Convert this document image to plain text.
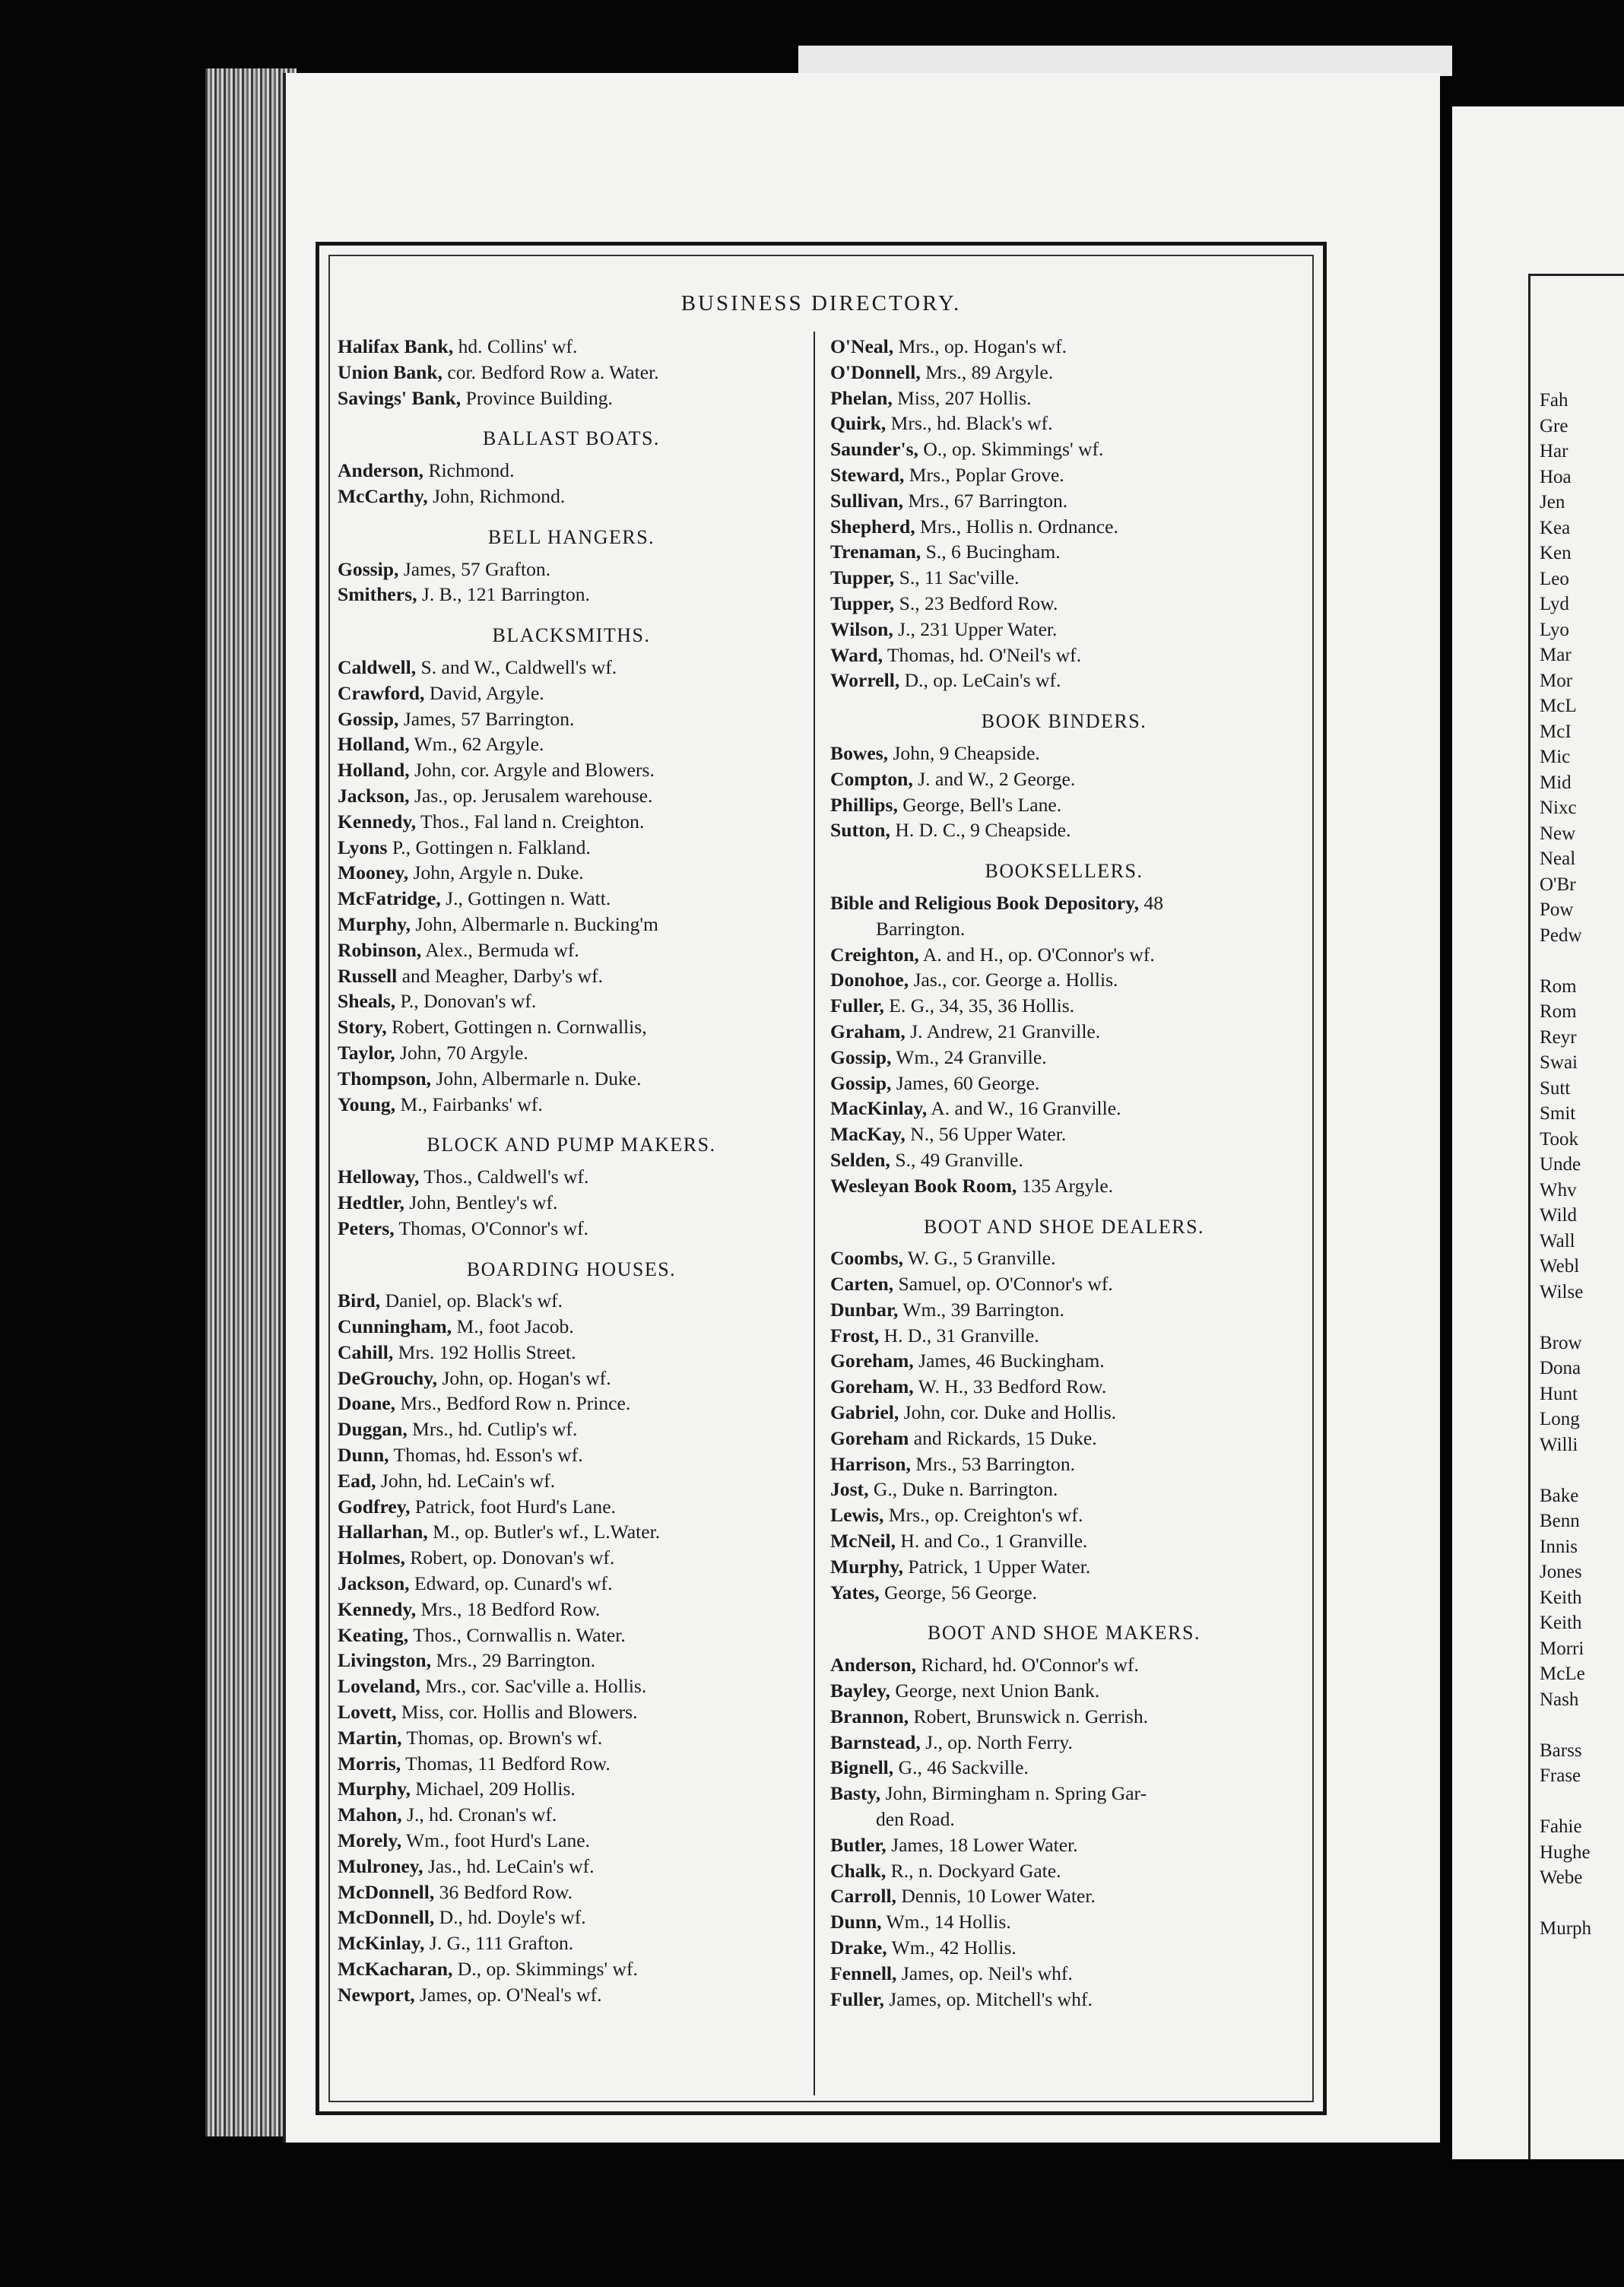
BUSINESS DIRECTORY.
Halifax Bank, hd. Collins' wf.
Union Bank, cor. Bedford Row a. Water.
Savings' Bank, Province Building.
BALLAST BOATS.
Anderson, Richmond.
McCarthy, John, Richmond.
BELL HANGERS.
Gossip, James, 57 Grafton.
Smithers, J. B., 121 Barrington.
BLACKSMITHS.
Caldwell, S. and W., Caldwell's wf.
Crawford, David, Argyle.
Gossip, James, 57 Barrington.
Holland, Wm., 62 Argyle.
Holland, John, cor. Argyle and Blowers.
Jackson, Jas., op. Jerusalem warehouse.
Kennedy, Thos., Fal land n. Creighton.
Lyons P., Gottingen n. Falkland.
Mooney, John, Argyle n. Duke.
McFatridge, J., Gottingen n. Watt.
Murphy, John, Albermarle n. Bucking'm
Robinson, Alex., Bermuda wf.
Russell and Meagher, Darby's wf.
Sheals, P., Donovan's wf.
Story, Robert, Gottingen n. Cornwallis,
Taylor, John, 70 Argyle.
Thompson, John, Albermarle n. Duke.
Young, M., Fairbanks' wf.
BLOCK AND PUMP MAKERS.
Helloway, Thos., Caldwell's wf.
Hedtler, John, Bentley's wf.
Peters, Thomas, O'Connor's wf.
BOARDING HOUSES.
Bird, Daniel, op. Black's wf.
Cunningham, M., foot Jacob.
Cahill, Mrs. 192 Hollis Street.
DeGrouchy, John, op. Hogan's wf.
Doane, Mrs., Bedford Row n. Prince.
Duggan, Mrs., hd. Cutlip's wf.
Dunn, Thomas, hd. Esson's wf.
Ead, John, hd. LeCain's wf.
Godfrey, Patrick, foot Hurd's Lane.
Hallarhan, M., op. Butler's wf., L.Water.
Holmes, Robert, op. Donovan's wf.
Jackson, Edward, op. Cunard's wf.
Kennedy, Mrs., 18 Bedford Row.
Keating, Thos., Cornwallis n. Water.
Livingston, Mrs., 29 Barrington.
Loveland, Mrs., cor. Sac'ville a. Hollis.
Lovett, Miss, cor. Hollis and Blowers.
Martin, Thomas, op. Brown's wf.
Morris, Thomas, 11 Bedford Row.
Murphy, Michael, 209 Hollis.
Mahon, J., hd. Cronan's wf.
Morely, Wm., foot Hurd's Lane.
Mulroney, Jas., hd. LeCain's wf.
McDonnell, 36 Bedford Row.
McDonnell, D., hd. Doyle's wf.
McKinlay, J. G., 111 Grafton.
McKacharan, D., op. Skimmings' wf.
Newport, James, op. O'Neal's wf.
O'Neal, Mrs., op. Hogan's wf.
O'Donnell, Mrs., 89 Argyle.
Phelan, Miss, 207 Hollis.
Quirk, Mrs., hd. Black's wf.
Saunder's, O., op. Skimmings' wf.
Steward, Mrs., Poplar Grove.
Sullivan, Mrs., 67 Barrington.
Shepherd, Mrs., Hollis n. Ordnance.
Trenaman, S., 6 Bucingham.
Tupper, S., 11 Sac'ville.
Tupper, S., 23 Bedford Row.
Wilson, J., 231 Upper Water.
Ward, Thomas, hd. O'Neil's wf.
Worrell, D., op. LeCain's wf.
BOOK BINDERS.
Bowes, John, 9 Cheapside.
Compton, J. and W., 2 George.
Phillips, George, Bell's Lane.
Sutton, H. D. C., 9 Cheapside.
BOOKSELLERS.
Bible and Religious Book Depository, 48
Barrington.
Creighton, A. and H., op. O'Connor's wf.
Donohoe, Jas., cor. George a. Hollis.
Fuller, E. G., 34, 35, 36 Hollis.
Graham, J. Andrew, 21 Granville.
Gossip, Wm., 24 Granville.
Gossip, James, 60 George.
MacKinlay, A. and W., 16 Granville.
MacKay, N., 56 Upper Water.
Selden, S., 49 Granville.
Wesleyan Book Room, 135 Argyle.
BOOT AND SHOE DEALERS.
Coombs, W. G., 5 Granville.
Carten, Samuel, op. O'Connor's wf.
Dunbar, Wm., 39 Barrington.
Frost, H. D., 31 Granville.
Goreham, James, 46 Buckingham.
Goreham, W. H., 33 Bedford Row.
Gabriel, John, cor. Duke and Hollis.
Goreham and Rickards, 15 Duke.
Harrison, Mrs., 53 Barrington.
Jost, G., Duke n. Barrington.
Lewis, Mrs., op. Creighton's wf.
McNeil, H. and Co., 1 Granville.
Murphy, Patrick, 1 Upper Water.
Yates, George, 56 George.
BOOT AND SHOE MAKERS.
Anderson, Richard, hd. O'Connor's wf.
Bayley, George, next Union Bank.
Brannon, Robert, Brunswick n. Gerrish.
Barnstead, J., op. North Ferry.
Bignell, G., 46 Sackville.
Basty, John, Birmingham n. Spring Gar-
den Road.
Butler, James, 18 Lower Water.
Chalk, R., n. Dockyard Gate.
Carroll, Dennis, 10 Lower Water.
Dunn, Wm., 14 Hollis.
Drake, Wm., 42 Hollis.
Fennell, James, op. Neil's whf.
Fuller, James, op. Mitchell's whf.
Fah
Gre
Har
Hoa
Jen
Kea
Ken
Leo
Lyd
Lyo
Mar
Mor
McL
McI
Mic
Mid
Nixc
New
Neal
O'Br
Pow
Pedw
Rom
Rom
Reyr
Swai
Sutt
Smit
Took
Unde
Whv
Wild
Wall
Webl
Wilse
Brow
Dona
Hunt
Long
Willi
Bake
Benn
Innis
Jones
Keith
Keith
Morri
McLe
Nash
Barss
Frase
Fahie
Hughe
Webe
Murph
